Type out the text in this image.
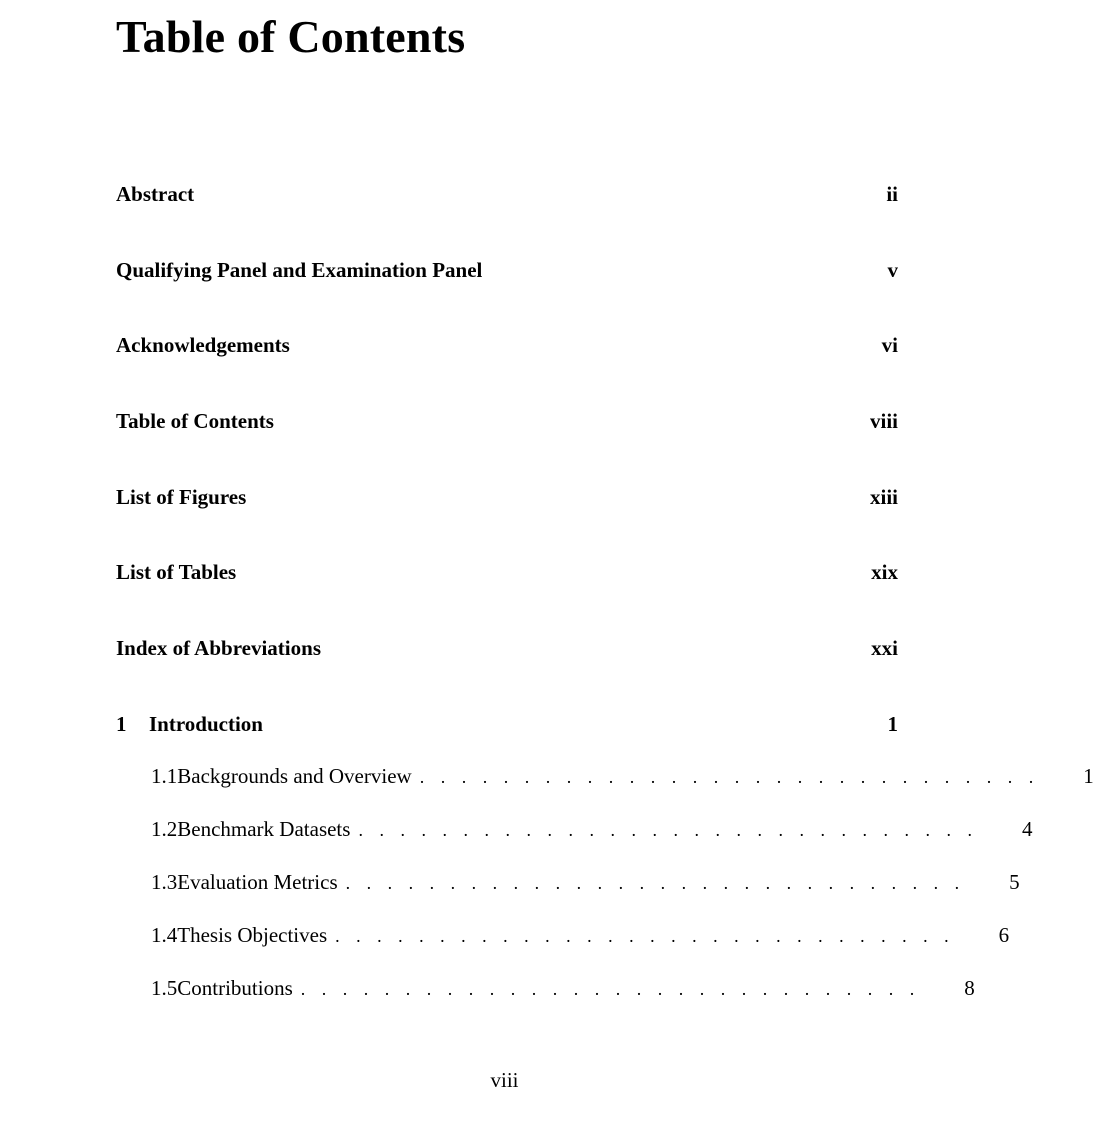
Table of Contents
Abstract	ii
Qualifying Panel and Examination Panel	v
Acknowledgements	vi
Table of Contents	viii
List of Figures	xiii
List of Tables	xix
Index of Abbreviations	xxi
1	Introduction	1
1.1 Backgrounds and Overview . . . . . . . . . . . . . . . . . . . . . . . . . . . . . . 1
1.2 Benchmark Datasets . . . . . . . . . . . . . . . . . . . . . . . . . . . . . . 4
1.3 Evaluation Metrics . . . . . . . . . . . . . . . . . . . . . . . . . . . . . . 5
1.4 Thesis Objectives . . . . . . . . . . . . . . . . . . . . . . . . . . . . . . 6
1.5 Contributions . . . . . . . . . . . . . . . . . . . . . . . . . . . . . . 8
viii
